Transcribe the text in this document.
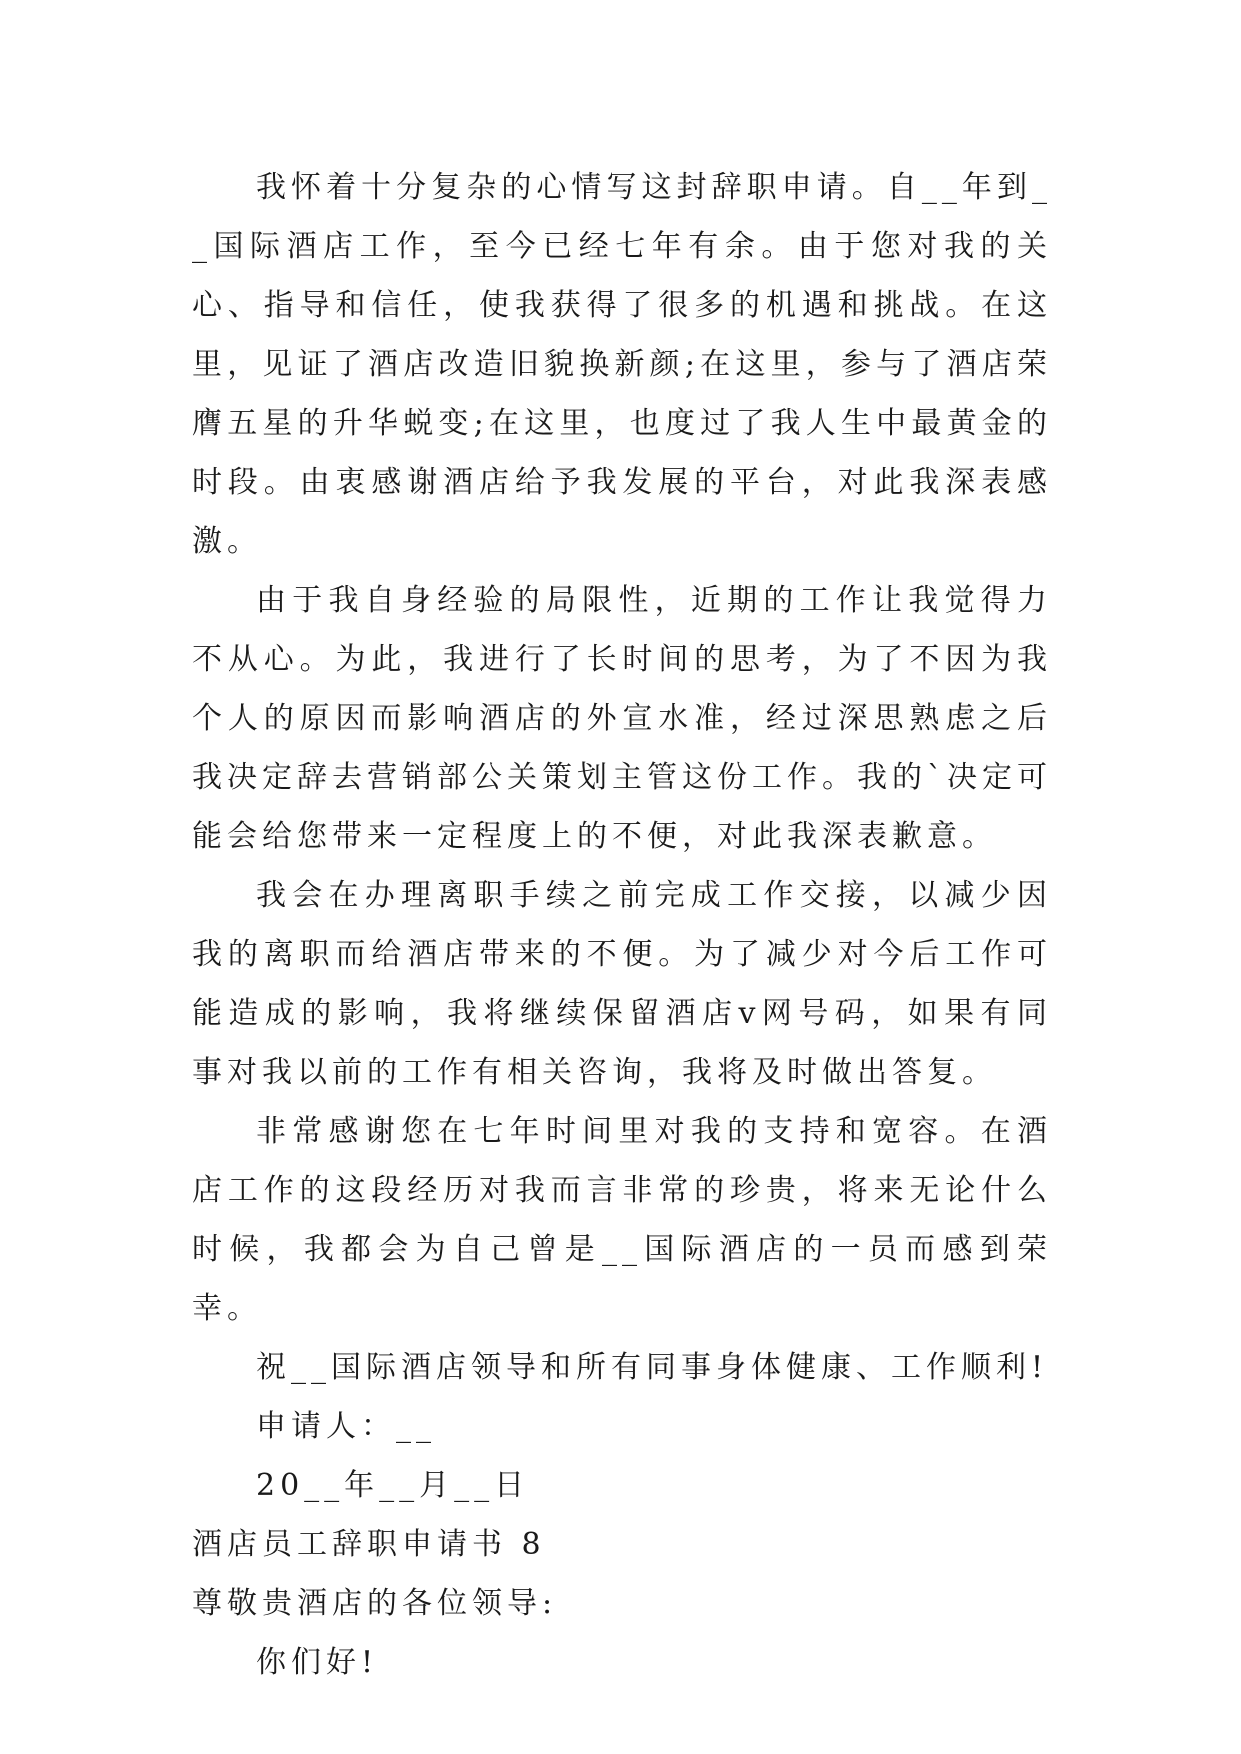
我怀着十分复杂的心情写这封辞职申请。自__年到__国际酒店工作，至今已经七年有余。由于您对我的关心、指导和信任，使我获得了很多的机遇和挑战。在这里，见证了酒店改造旧貌换新颜;在这里，参与了酒店荣膺五星的升华蜕变;在这里，也度过了我人生中最黄金的时段。由衷感谢酒店给予我发展的平台，对此我深表感激。

由于我自身经验的局限性，近期的工作让我觉得力不从心。为此，我进行了长时间的思考，为了不因为我个人的原因而影响酒店的外宣水准，经过深思熟虑之后我决定辞去营销部公关策划主管这份工作。我的`决定可能会给您带来一定程度上的不便，对此我深表歉意。

我会在办理离职手续之前完成工作交接，以减少因我的离职而给酒店带来的不便。为了减少对今后工作可能造成的影响，我将继续保留酒店v网号码，如果有同事对我以前的工作有相关咨询，我将及时做出答复。

非常感谢您在七年时间里对我的支持和宽容。在酒店工作的这段经历对我而言非常的珍贵，将来无论什么时候，我都会为自己曾是__国际酒店的一员而感到荣幸。

祝__国际酒店领导和所有同事身体健康、工作顺利!

申请人：__

20__年__月__日

酒店员工辞职申请书 8

尊敬贵酒店的各位领导:

你们好!
